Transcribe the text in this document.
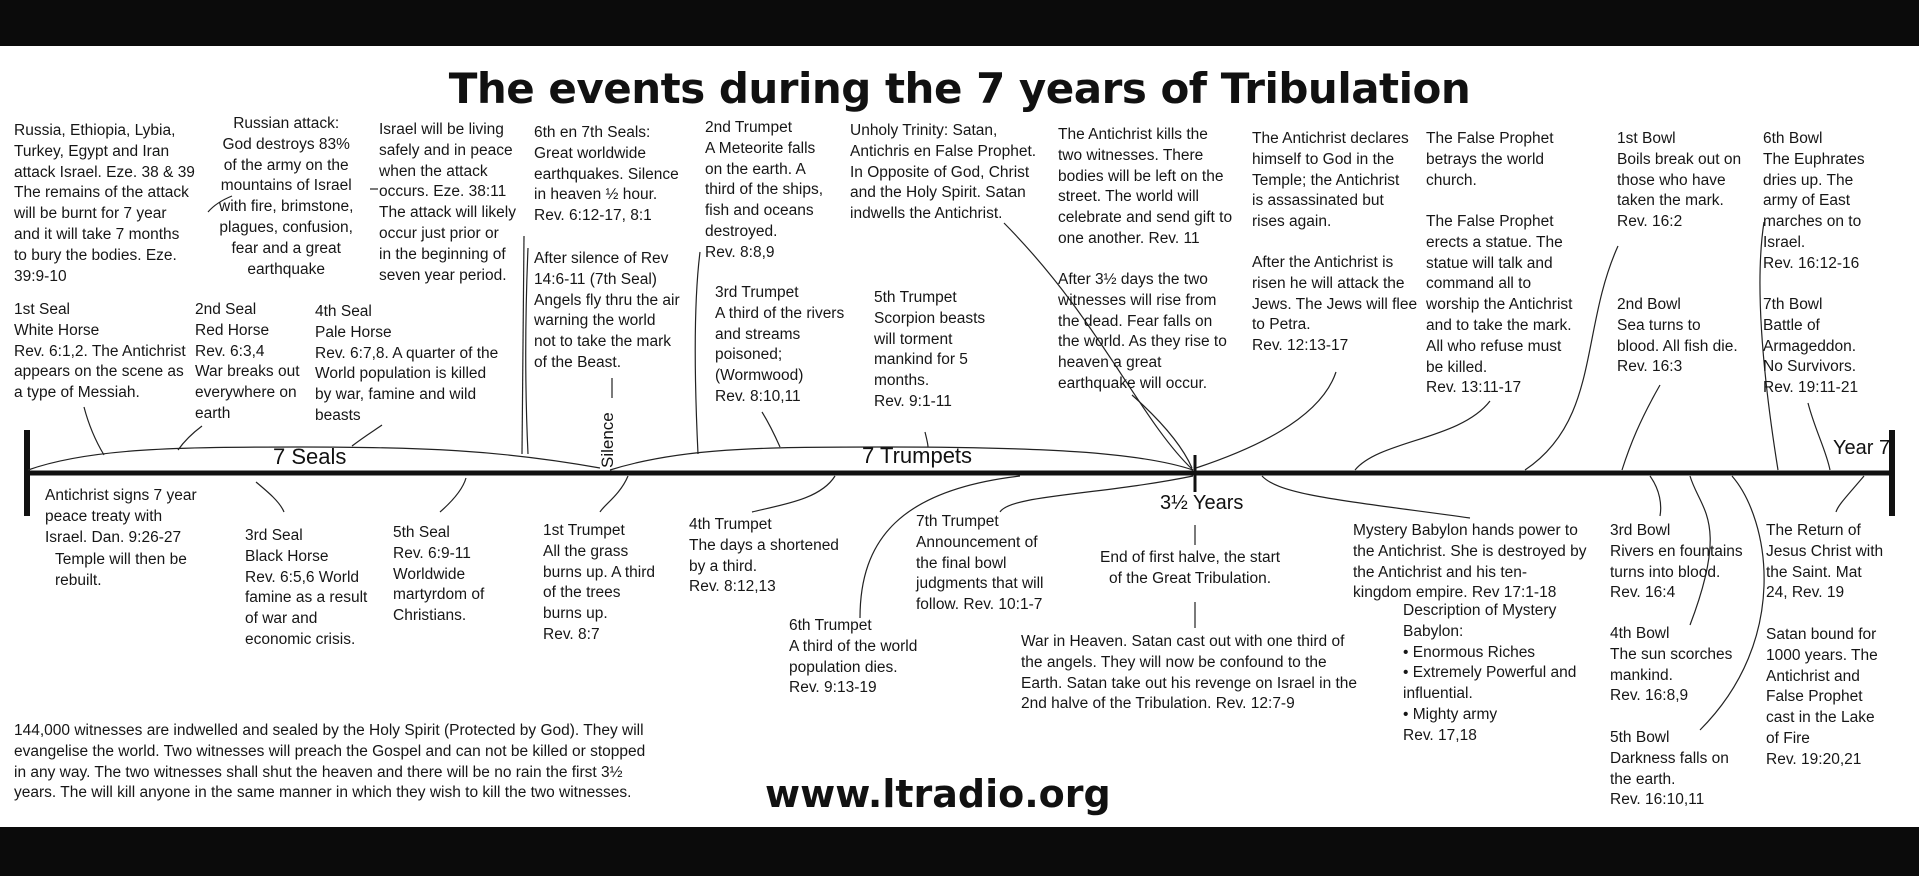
The events during the 7 years of Tribulation
7 Seals	Silence	7 Trumpets
3½ Years
Year 7
Russia, Ethiopia, Lybia,
Turkey, Egypt and Iran
attack Israel. Eze. 38 & 39
The remains of the attack
will be burnt for 7 year
and it will take 7 months
to bury the bodies. Eze.
39:9-10
Russian attack:
God destroys 83%
of the army on the
mountains of Israel
with fire, brimstone,
plagues, confusion,
fear and a great
earthquake
Israel will be living
safely and in peace
when the attack
occurs. Eze. 38:11
The attack will likely
occur just prior or
in the beginning of
seven year period.
6th en 7th Seals:
Great worldwide
earthquakes. Silence
in heaven ½ hour.
Rev. 6:12-17, 8:1
After silence of Rev
14:6-11 (7th Seal)
Angels fly thru the air
warning the world
not to take the mark
of the Beast.
2nd Trumpet
A Meteorite falls
on the earth. A
third of the ships,
fish and oceans
destroyed.
Rev. 8:8,9
Unholy Trinity: Satan,
Antichris en False Prophet.
In Opposite of God, Christ
and the Holy Spirit. Satan
indwells the Antichrist.
The Antichrist kills the
two witnesses. There
bodies will be left on the
street. The world will
celebrate and send gift to
one another. Rev. 11
After 3½ days the two
witnesses will rise from
the dead. Fear falls on
the world. As they rise to
heaven a great
earthquake will occur.
The Antichrist declares
himself to God in the
Temple; the Antichrist
is assassinated but
rises again.
After the Antichrist is
risen he will attack the
Jews. The Jews will flee
to Petra.
Rev. 12:13-17
The False Prophet
betrays the world
church.
The False Prophet
erects a statue. The
statue will talk and
command all to
worship the Antichrist
and to take the mark.
All who refuse must
be killed.
Rev. 13:11-17
1st Bowl
Boils break out on
those who have
taken the mark.
Rev. 16:2
6th Bowl
The Euphrates
dries up. The
army of East
marches on to
Israel.
Rev. 16:12-16
2nd Bowl
Sea turns to
blood. All fish die.
Rev. 16:3
7th Bowl
Battle of
Armageddon.
No Survivors.
Rev. 19:11-21
1st Seal
White Horse
Rev. 6:1,2. The Antichrist
appears on the scene as
a type of Messiah.
2nd Seal
Red Horse
Rev. 6:3,4
War breaks out
everywhere on
earth
4th Seal
Pale Horse
Rev. 6:7,8. A quarter of the
World population is killed
by war, famine and wild
beasts
3rd Trumpet
A third of the rivers
and streams
poisoned;
(Wormwood)
Rev. 8:10,11
5th Trumpet
Scorpion beasts
will torment
mankind for 5
months.
Rev. 9:1-11
Antichrist signs 7 year
peace treaty with
Israel. Dan. 9:26-27
Temple will then be
rebuilt.
3rd Seal
Black Horse
Rev. 6:5,6 World
famine as a result
of war and
economic crisis.
5th Seal
Rev. 6:9-11
Worldwide
martyrdom of
Christians.
1st Trumpet
All the grass
burns up. A third
of the trees
burns up.
Rev. 8:7
4th Trumpet
The days a shortened
by a third.
Rev. 8:12,13
6th Trumpet
A third of the world
population dies.
Rev. 9:13-19
7th Trumpet
Announcement of
the final bowl
judgments that will
follow. Rev. 10:1-7
End of first halve, the start
of the Great Tribulation.
War in Heaven. Satan cast out with one third of
the angels. They will now be confound to the
Earth. Satan take out his revenge on Israel in the
2nd halve of the Tribulation. Rev. 12:7-9
Mystery Babylon hands power to
the Antichrist. She is destroyed by
the Antichrist and his ten-
kingdom empire. Rev 17:1-18
Description of Mystery
Babylon:
• Enormous Riches
• Extremely Powerful and
influential.
• Mighty army
Rev. 17,18
3rd Bowl
Rivers en fountains
turns into blood.
Rev. 16:4
4th Bowl
The sun scorches
mankind.
Rev. 16:8,9
5th Bowl
Darkness falls on
the earth.
Rev. 16:10,11
The Return of
Jesus Christ with
the Saint. Mat
24, Rev. 19
Satan bound for
1000 years. The
Antichrist and
False Prophet
cast in the Lake
of Fire
Rev. 19:20,21
144,000 witnesses are indwelled and sealed by the Holy Spirit (Protected by God). They will
evangelise the world. Two witnesses will preach the Gospel and can not be killed or stopped
in any way. The two witnesses shall shut the heaven and there will be no rain the first 3½
years. The will kill anyone in the same manner in which they wish to kill the two witnesses.	www.ltradio.org
